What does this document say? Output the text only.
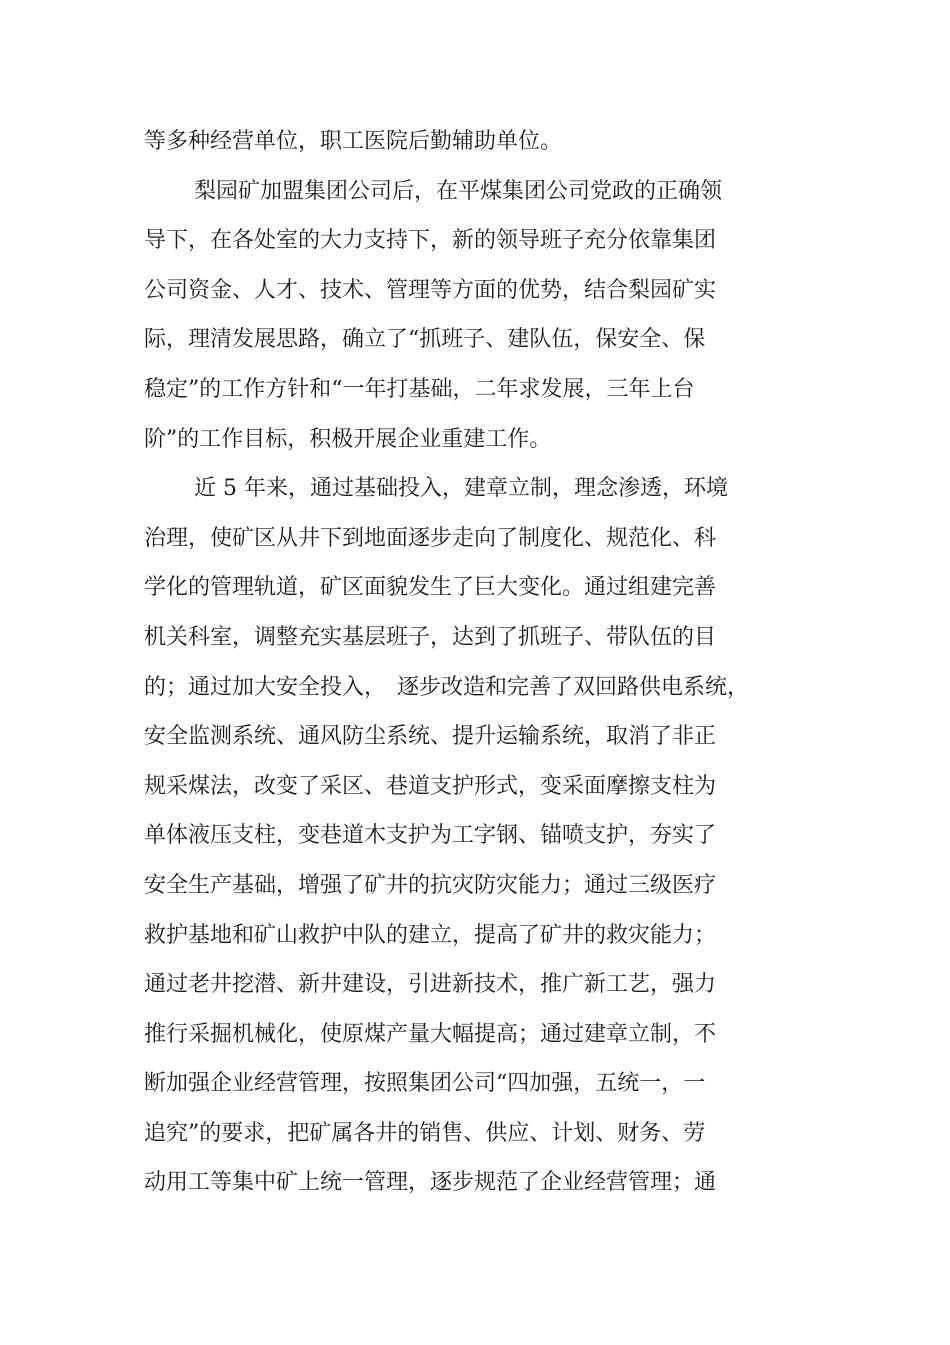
等多种经营单位，职工医院后勤辅助单位。
梨园矿加盟集团公司后，在平煤集团公司党政的正确领
导下，在各处室的大力支持下，新的领导班子充分依靠集团
公司资金、人才、技术、管理等方面的优势，结合梨园矿实
际，理清发展思路，确立了“抓班子、建队伍，保安全、保
稳定”的工作方针和“一年打基础，二年求发展，三年上台
阶”的工作目标，积极开展企业重建工作。
近 5 年来，通过基础投入，建章立制，理念渗透，环境
治理，使矿区从井下到地面逐步走向了制度化、规范化、科
学化的管理轨道，矿区面貌发生了巨大变化。通过组建完善
机关科室，调整充实基层班子，达到了抓班子、带队伍的目
的；通过加大安全投入，　逐步改造和完善了双回路供电系统，
安全监测系统、通风防尘系统、提升运输系统，取消了非正
规采煤法，改变了采区、巷道支护形式，变采面摩擦支柱为
单体液压支柱，变巷道木支护为工字钢、锚喷支护，夯实了
安全生产基础，增强了矿井的抗灾防灾能力；通过三级医疗
救护基地和矿山救护中队的建立，提高了矿井的救灾能力；
通过老井挖潜、新井建设，引进新技术，推广新工艺，强力
推行采掘机械化，使原煤产量大幅提高；通过建章立制，不
断加强企业经营管理，按照集团公司“四加强，五统一，一
追究”的要求，把矿属各井的销售、供应、计划、财务、劳
动用工等集中矿上统一管理，逐步规范了企业经营管理；通
